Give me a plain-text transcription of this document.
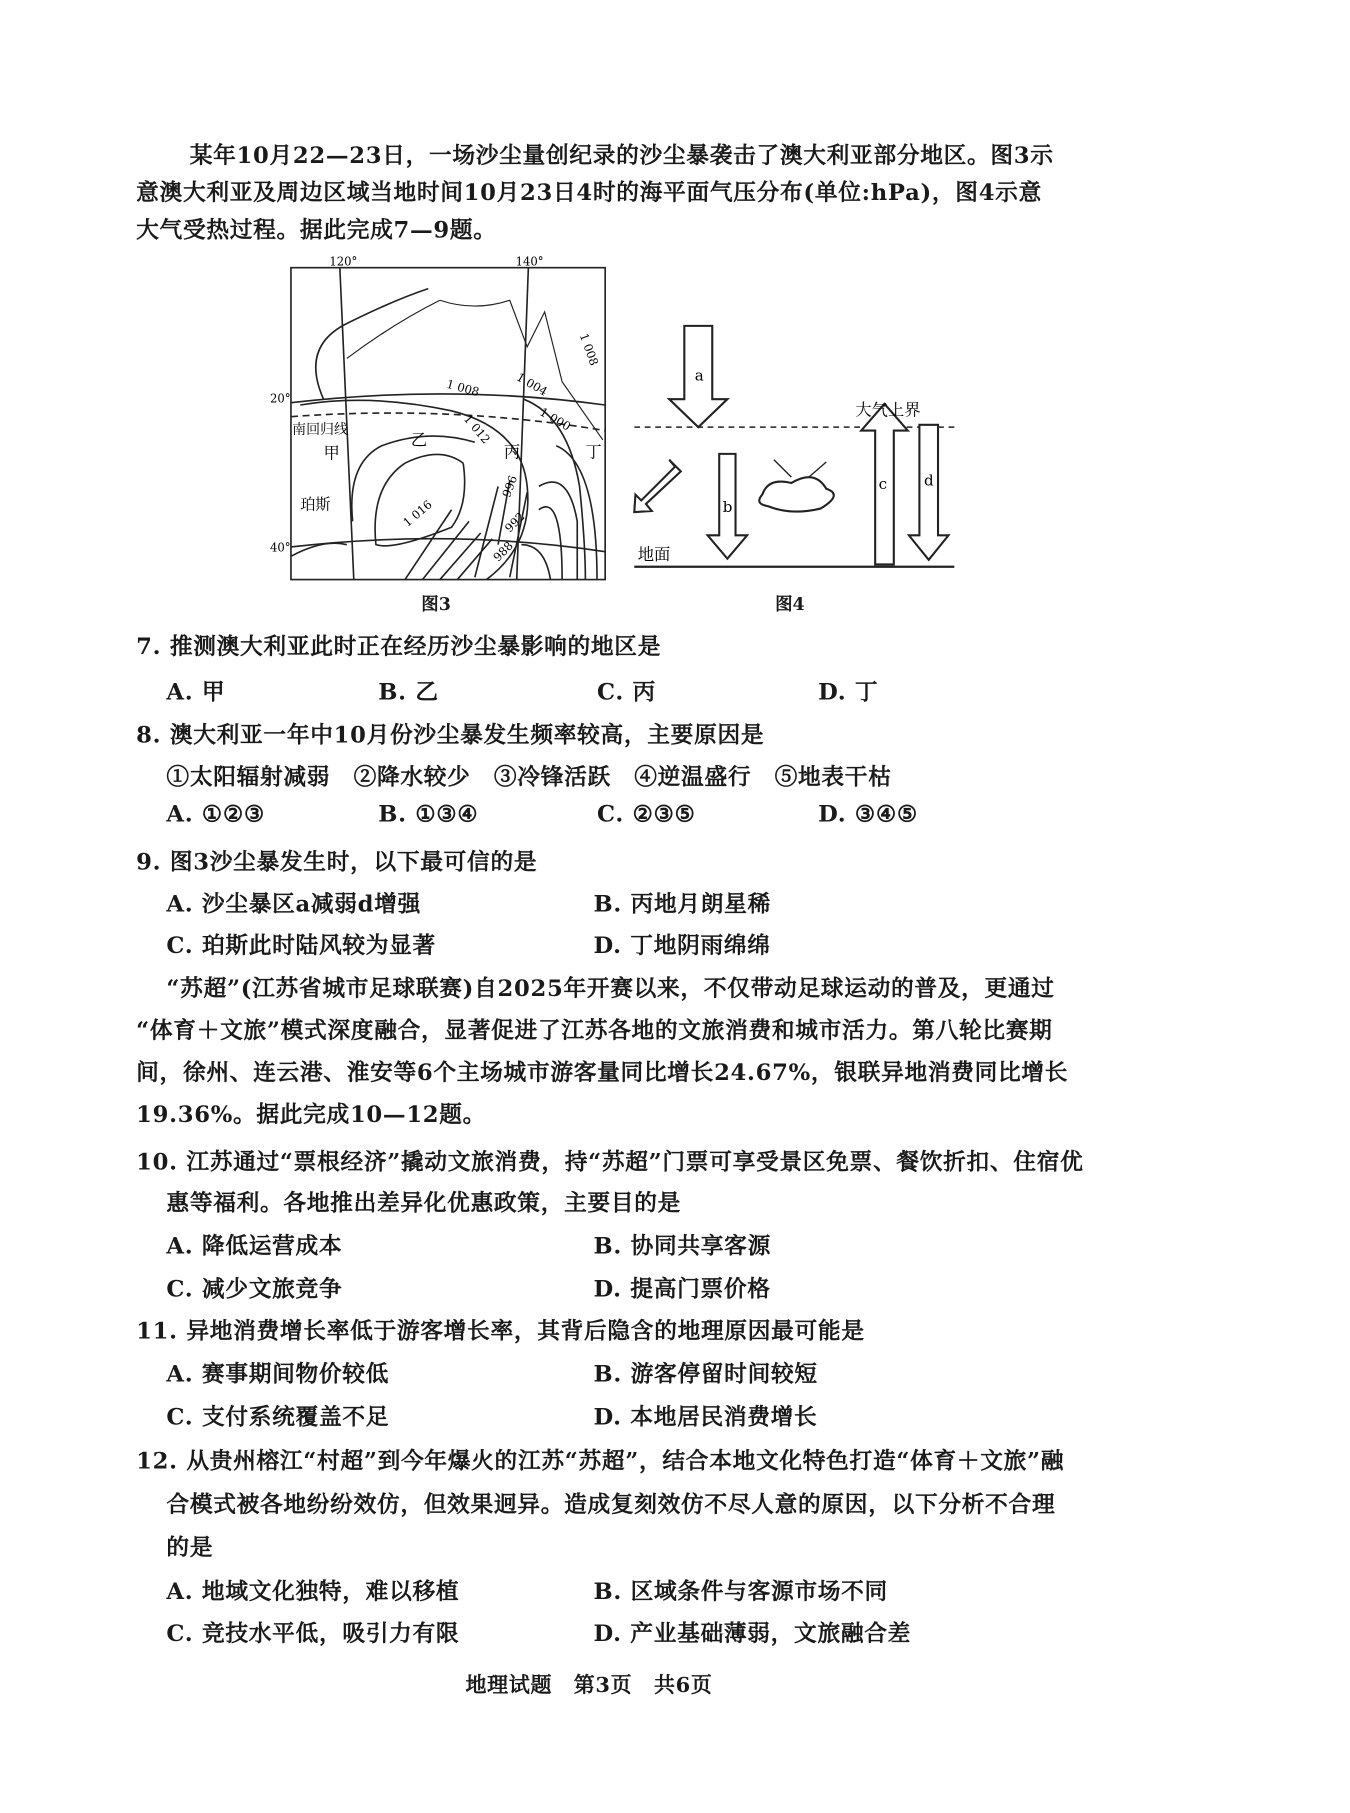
某年10月22—23日，一场沙尘量创纪录的沙尘暴袭击了澳大利亚部分地区。图3示
意澳大利亚及周边区域当地时间10月23日4时的海平面气压分布(单位:hPa)，图4示意
大气受热过程。据此完成7—9题。
120°	140°
20°
40°
1 008
1 004
1 000
1 008
1 012
1 016
996
992
988
南回归线
甲
乙
丙	丁
珀斯
图3
a
b
c	d
大气上界
地面
图4
7. 推测澳大利亚此时正在经历沙尘暴影响的地区是
A. 甲	B. 乙	C. 丙	D. 丁
8. 澳大利亚一年中10月份沙尘暴发生频率较高，主要原因是
①太阳辐射减弱　②降水较少　③冷锋活跃　④逆温盛行　⑤地表干枯
A. ①②③	B. ①③④	C. ②③⑤	D. ③④⑤
9. 图3沙尘暴发生时，以下最可信的是
A. 沙尘暴区a减弱d增强	B. 丙地月朗星稀
C. 珀斯此时陆风较为显著	D. 丁地阴雨绵绵
“苏超”(江苏省城市足球联赛)自2025年开赛以来，不仅带动足球运动的普及，更通过
“体育＋文旅”模式深度融合，显著促进了江苏各地的文旅消费和城市活力。第八轮比赛期
间，徐州、连云港、淮安等6个主场城市游客量同比增长24.67%，银联异地消费同比增长
19.36%。据此完成10—12题。
10. 江苏通过“票根经济”撬动文旅消费，持“苏超”门票可享受景区免票、餐饮折扣、住宿优
惠等福利。各地推出差异化优惠政策，主要目的是
A. 降低运营成本	B. 协同共享客源
C. 减少文旅竞争	D. 提高门票价格
11. 异地消费增长率低于游客增长率，其背后隐含的地理原因最可能是
A. 赛事期间物价较低	B. 游客停留时间较短
C. 支付系统覆盖不足	D. 本地居民消费增长
12. 从贵州榕江“村超”到今年爆火的江苏“苏超”，结合本地文化特色打造“体育＋文旅”融
合模式被各地纷纷效仿，但效果迥异。造成复刻效仿不尽人意的原因，以下分析不合理
的是
A. 地域文化独特，难以移植	B. 区域条件与客源市场不同
C. 竞技水平低，吸引力有限	D. 产业基础薄弱，文旅融合差
地理试题　第3页　共6页
